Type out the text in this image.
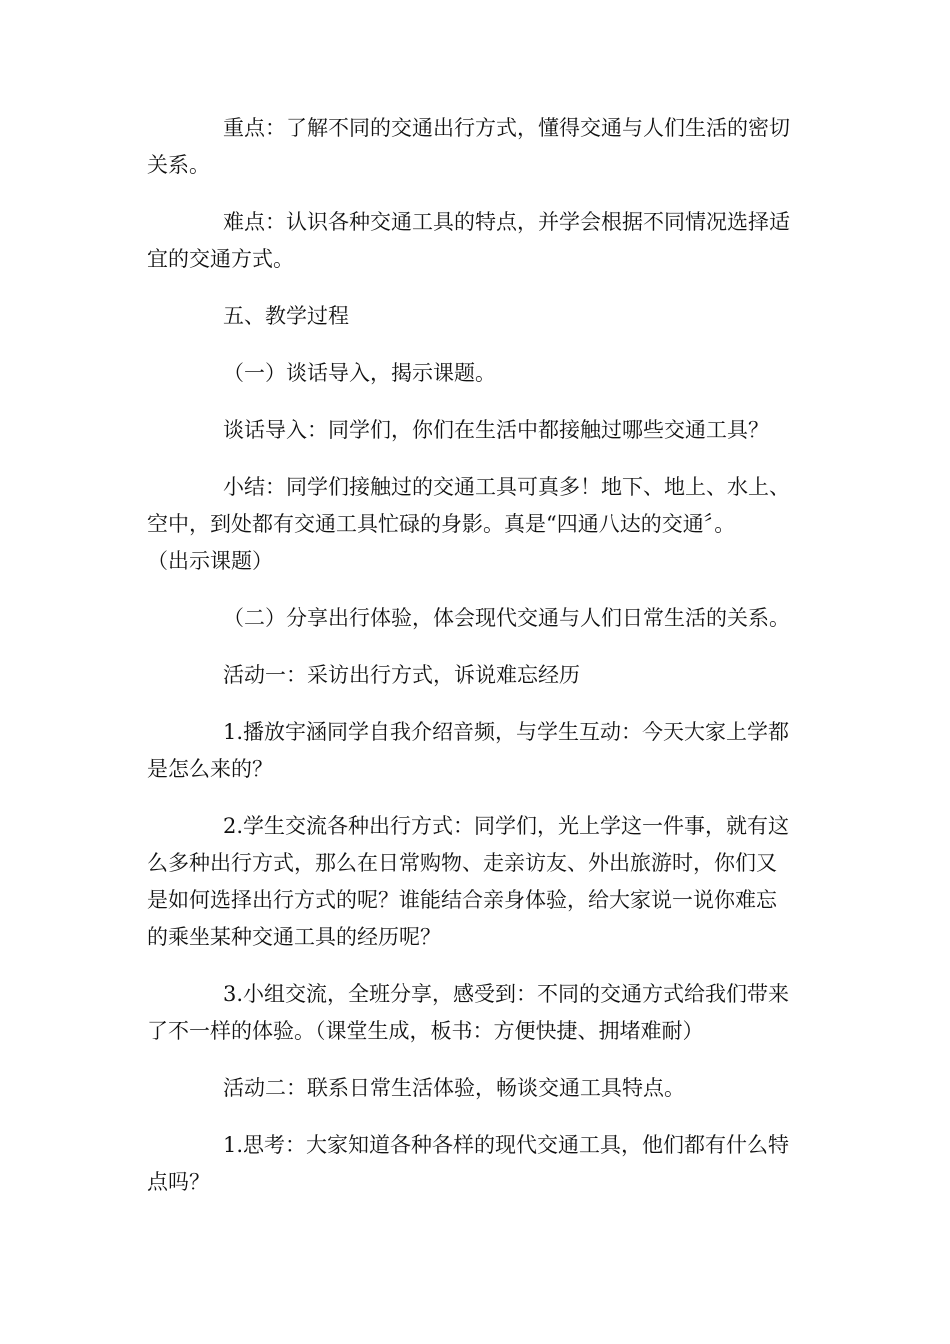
重点：了解不同的交通出行方式，懂得交通与人们生活的密切
关系。
难点：认识各种交通工具的特点，并学会根据不同情况选择适
宜的交通方式。
五、教学过程
（一）谈话导入，揭示课题。
谈话导入：同学们，你们在生活中都接触过哪些交通工具？
小结：同学们接触过的交通工具可真多！地下、地上、水上、
空中，到处都有交通工具忙碌的身影。真是“四通八达的交通〞。
（出示课题）
（二）分享出行体验，体会现代交通与人们日常生活的关系。
活动一：采访出行方式，诉说难忘经历
1.播放宇涵同学自我介绍音频，与学生互动：今天大家上学都
是怎么来的？
2.学生交流各种出行方式：同学们，光上学这一件事，就有这
么多种出行方式，那么在日常购物、走亲访友、外出旅游时，你们又
是如何选择出行方式的呢？谁能结合亲身体验，给大家说一说你难忘
的乘坐某种交通工具的经历呢？
3.小组交流，全班分享，感受到：不同的交通方式给我们带来
了不一样的体验。（课堂生成，板书：方便快捷、拥堵难耐）
活动二：联系日常生活体验，畅谈交通工具特点。
1.思考：大家知道各种各样的现代交通工具，他们都有什么特
点吗？
